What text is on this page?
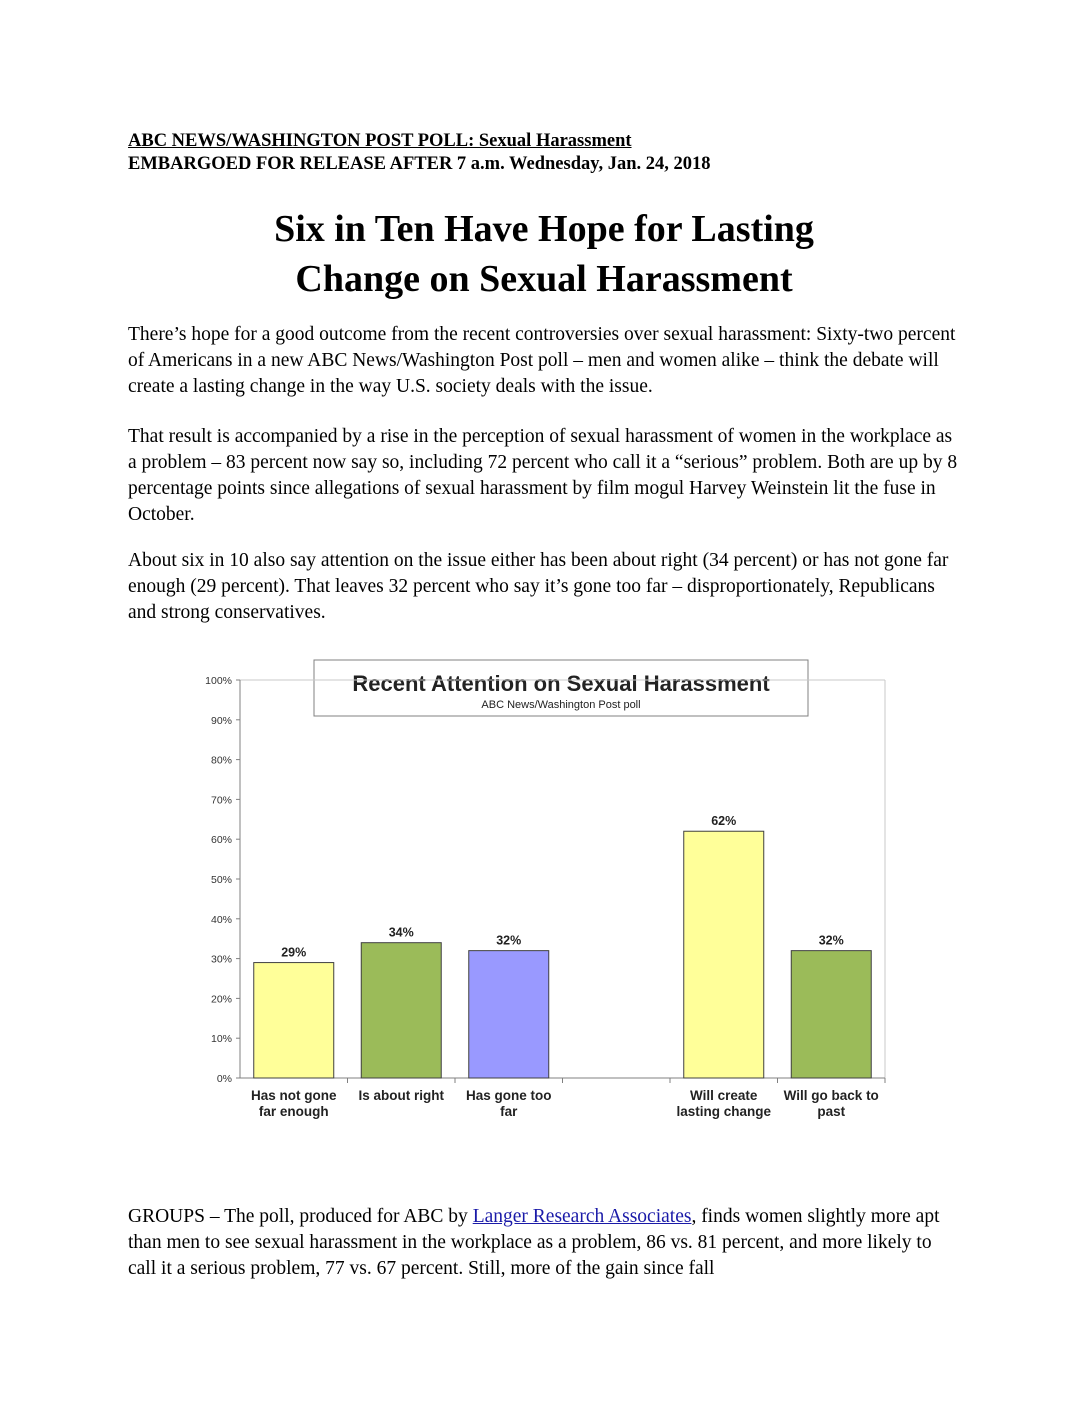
ABC NEWS/WASHINGTON POST POLL: Sexual Harassment
EMBARGOED FOR RELEASE AFTER 7 a.m. Wednesday, Jan. 24, 2018
Six in Ten Have Hope for Lasting
Change on Sexual Harassment

There’s hope for a good outcome from the recent controversies over sexual harassment: Sixty-two percent of Americans in a new ABC News/Washington Post poll – men and women alike – think the debate will create a lasting change in the way U.S. society deals with the issue.

That result is accompanied by a rise in the perception of sexual harassment of women in the workplace as a problem – 83 percent now say so, including 72 percent who call it a “serious” problem. Both are up by 8 percentage points since allegations of sexual harassment by film mogul Harvey Weinstein lit the fuse in October.

About six in 10 also say attention on the issue either has been about right (34 percent) or has not gone far enough (29 percent). That leaves 32 percent who say it’s gone too far – disproportionately, Republicans and strong conservatives.

Recent Attention on Sexual Harassment
ABC News/Washington Post poll
0%
10%
20%
30%
40%
50%
60%
70%
80%
90%
100%
29%
Has not gone
far enough
34%
Is about right
32%
Has gone too
far
62%
Will create
lasting change
32%
Will go back to
past

GROUPS – The poll, produced for ABC by Langer Research Associates, finds women slightly more apt than men to see sexual harassment in the workplace as a problem, 86 vs. 81 percent, and more likely to call it a serious problem, 77 vs. 67 percent. Still, more of the gain since fall
